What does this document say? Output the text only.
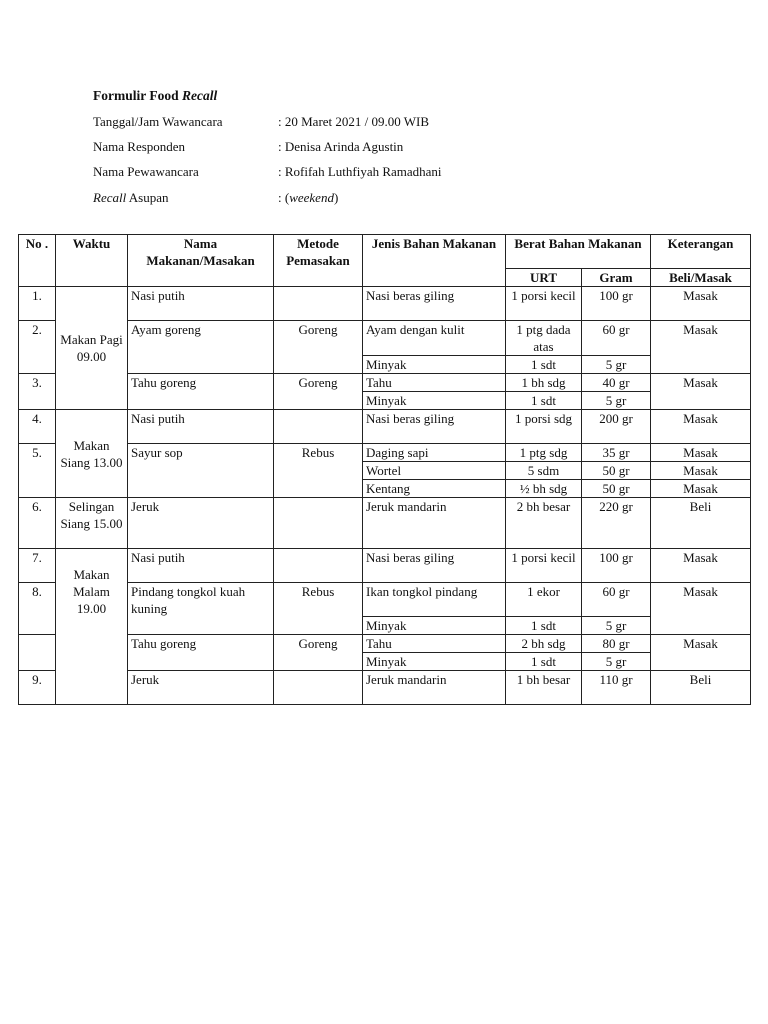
Formulir Food Recall
Tanggal/Jam Wawancara	: 20 Maret 2021 / 09.00 WIB
Nama Responden	: Denisa Arinda Agustin
Nama Pewawancara	: Rofifah Luthfiyah Ramadhani
Recall Asupan	: (weekend)
No .	Waktu	Nama Makanan/Masakan	Metode Pemasakan	Jenis Bahan Makanan	Berat Bahan Makanan		Keterangan
					URT	Gram	Beli/Masak
1.	Makan Pagi 09.00	Nasi putih		Nasi beras giling	1 porsi kecil	100 gr	Masak
2.		Ayam goreng	Goreng	Ayam dengan kulit	1 ptg dada atas	60 gr	Masak
				Minyak	1 sdt	5 gr	
3.		Tahu goreng	Goreng	Tahu	1 bh sdg	40 gr	Masak
				Minyak	1 sdt	5 gr	
4.	Makan Siang 13.00	Nasi putih		Nasi beras giling	1 porsi sdg	200 gr	Masak
5.		Sayur sop	Rebus	Daging sapi	1 ptg sdg	35 gr	Masak
				Wortel	5 sdm	50 gr	Masak
				Kentang	½ bh sdg	50 gr	Masak
6.	Selingan Siang 15.00	Jeruk		Jeruk mandarin	2 bh besar	220 gr	Beli
7.	Makan Malam 19.00	Nasi putih		Nasi beras giling	1 porsi kecil	100 gr	Masak
8.		Pindang tongkol kuah kuning	Rebus	Ikan tongkol pindang	1 ekor	60 gr	Masak
				Minyak	1 sdt	5 gr	
		Tahu goreng	Goreng	Tahu	2 bh sdg	80 gr	Masak
				Minyak	1 sdt	5 gr	
9.		Jeruk		Jeruk mandarin	1 bh besar	110 gr	Beli
